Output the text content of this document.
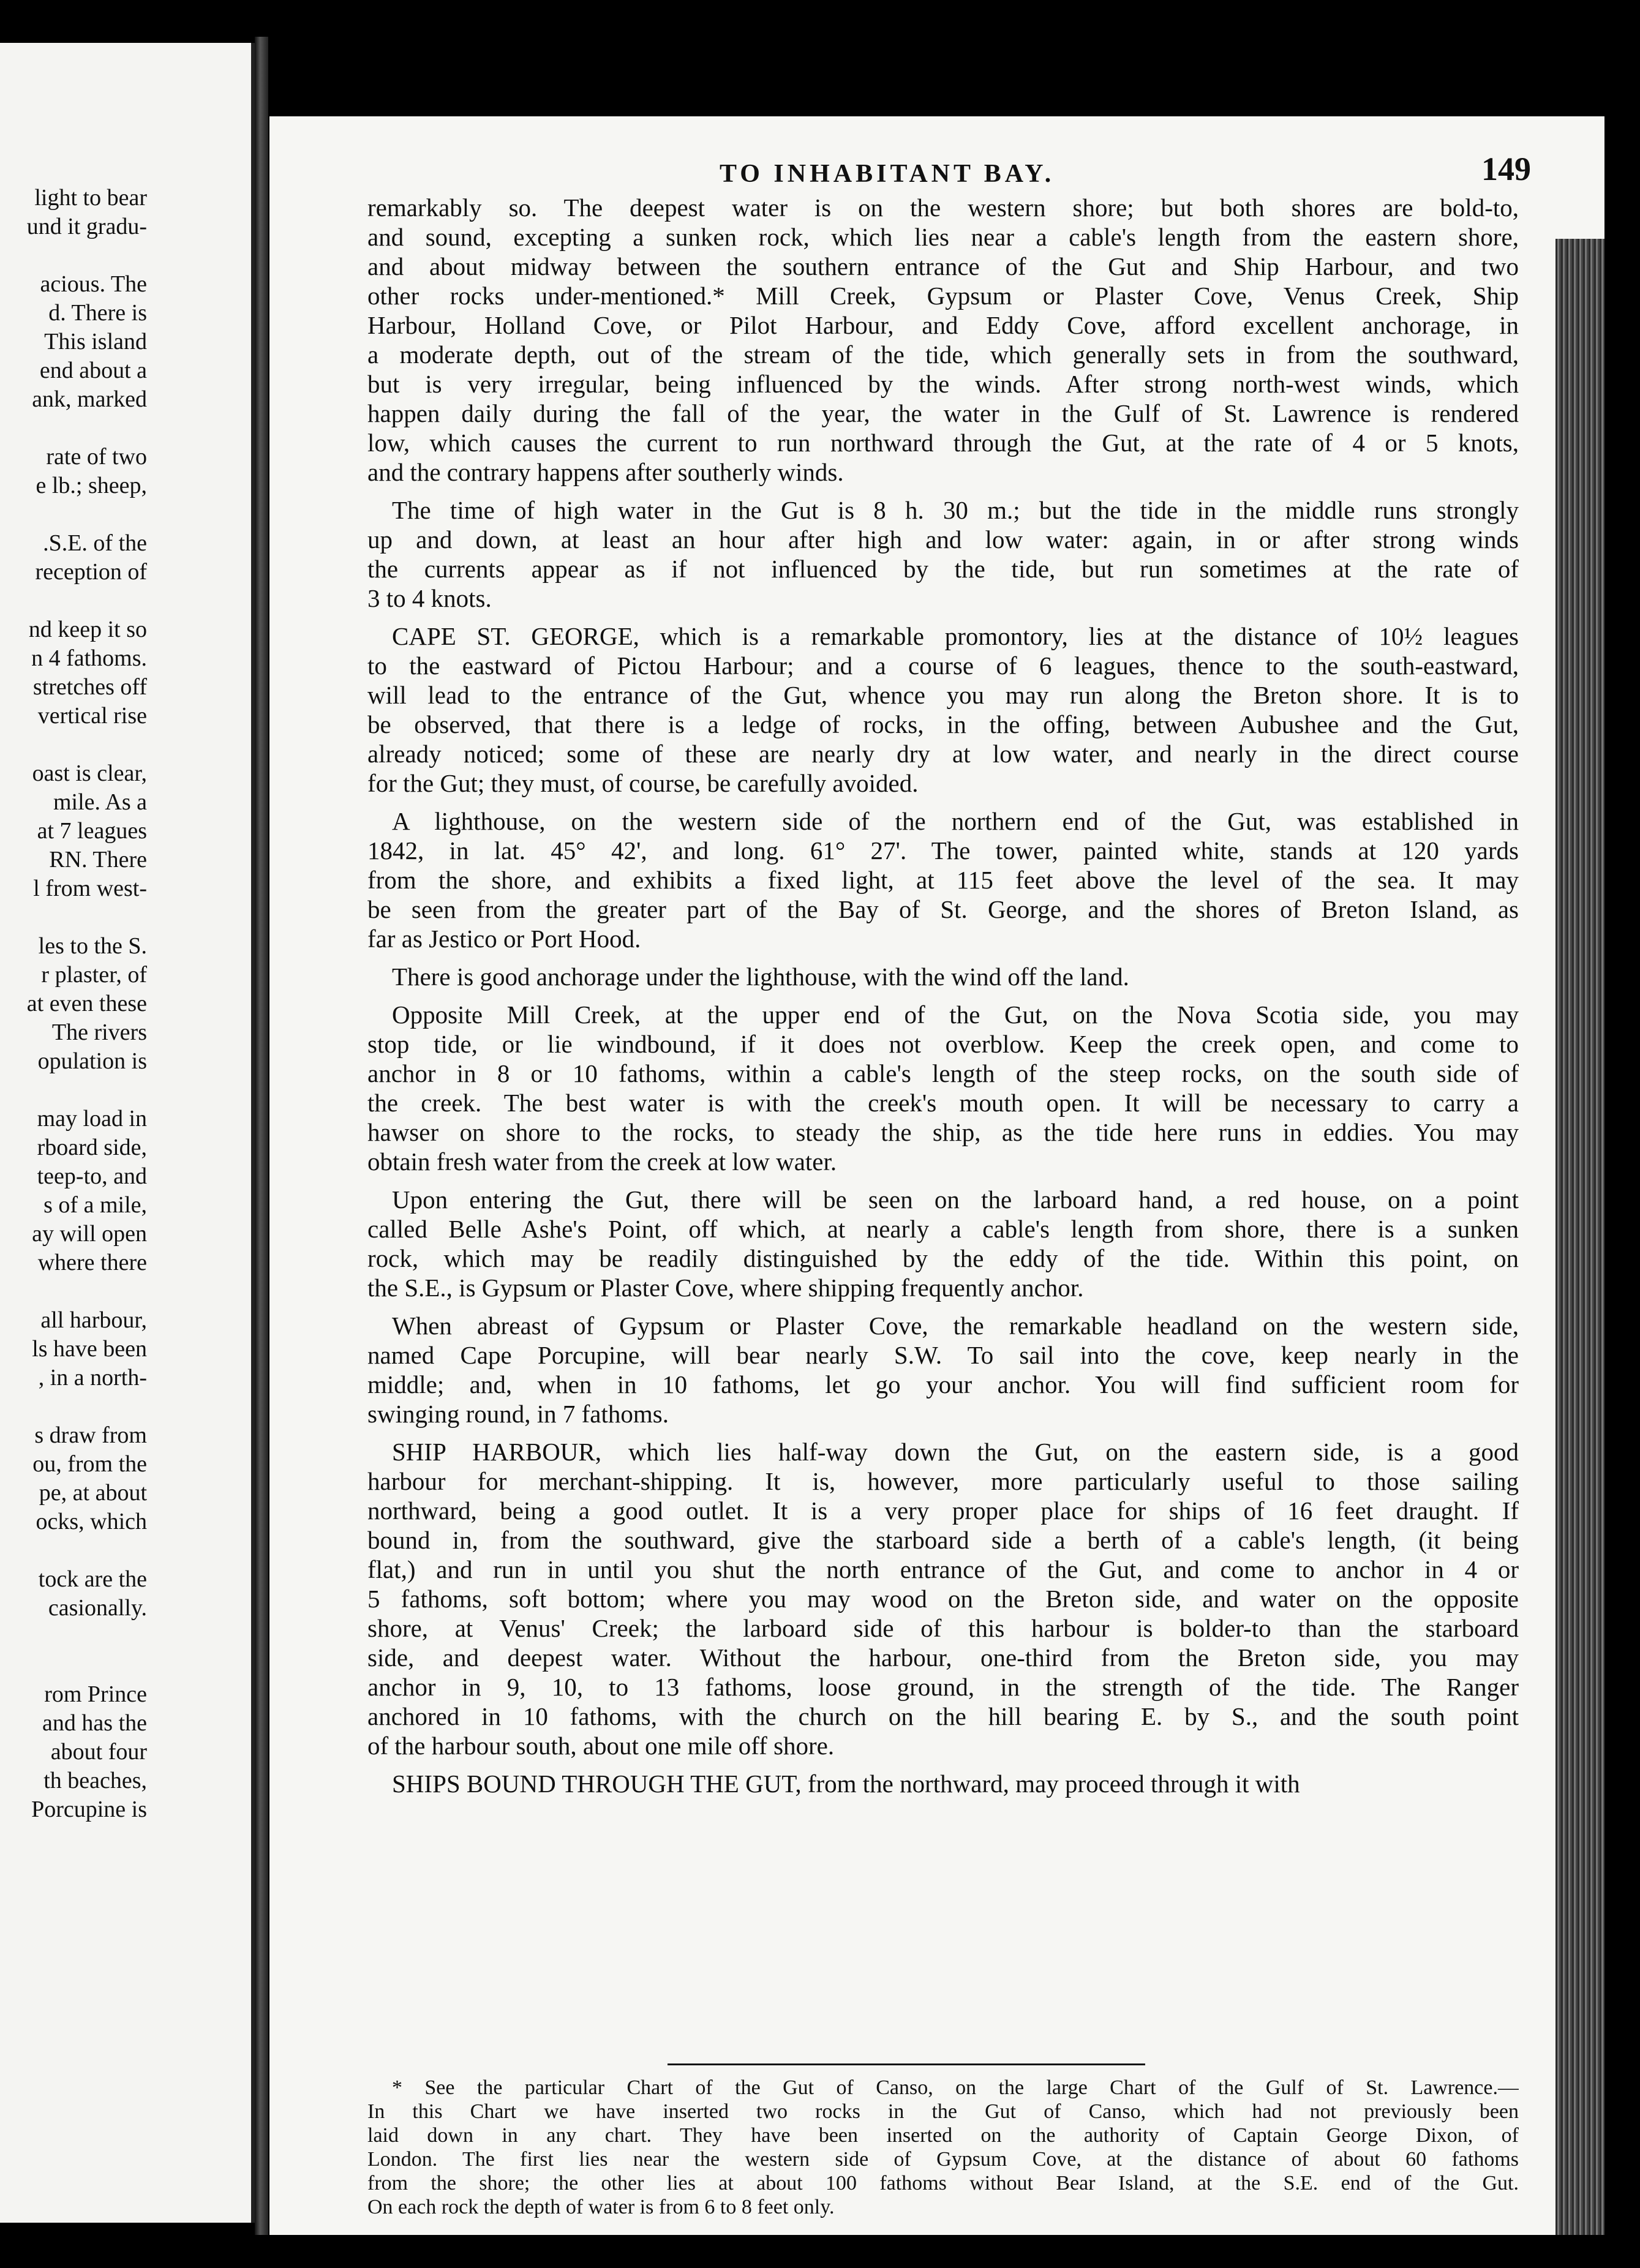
light to bear
und it gradu-
acious. The
d. There is
This island
end about a
ank, marked
rate of two
e lb.; sheep,
.S.E. of the
reception of
nd keep it so
n 4 fathoms.
stretches off
vertical rise
oast is clear,
mile. As a
at 7 leagues
RN. There
l from west-
les to the S.
r plaster, of
at even these
The rivers
opulation is
may load in
rboard side,
teep-to, and
s of a mile,
ay will open
where there
all harbour,
ls have been
, in a north-
s draw from
ou, from the
pe, at about
ocks, which
tock are the
casionally.
rom Prince
and has the
about four
th beaches,
Porcupine is
TO INHABITANT BAY.	149
remarkably so. The deepest water is on the western shore; but both shores are bold-to,
and sound, excepting a sunken rock, which lies near a cable's length from the eastern shore,
and about midway between the southern entrance of the Gut and Ship Harbour, and two
other rocks under-mentioned.* Mill Creek, Gypsum or Plaster Cove, Venus Creek, Ship
Harbour, Holland Cove, or Pilot Harbour, and Eddy Cove, afford excellent anchorage, in
a moderate depth, out of the stream of the tide, which generally sets in from the southward,
but is very irregular, being influenced by the winds. After strong north-west winds, which
happen daily during the fall of the year, the water in the Gulf of St. Lawrence is rendered
low, which causes the current to run northward through the Gut, at the rate of 4 or 5 knots,
and the contrary happens after southerly winds.
The time of high water in the Gut is 8 h. 30 m.; but the tide in the middle runs strongly
up and down, at least an hour after high and low water: again, in or after strong winds
the currents appear as if not influenced by the tide, but run sometimes at the rate of
3 to 4 knots.
CAPE ST. GEORGE, which is a remarkable promontory, lies at the distance of 10½ leagues
to the eastward of Pictou Harbour; and a course of 6 leagues, thence to the south-eastward,
will lead to the entrance of the Gut, whence you may run along the Breton shore. It is to
be observed, that there is a ledge of rocks, in the offing, between Aubushee and the Gut,
already noticed; some of these are nearly dry at low water, and nearly in the direct course
for the Gut; they must, of course, be carefully avoided.
A lighthouse, on the western side of the northern end of the Gut, was established in
1842, in lat. 45° 42', and long. 61° 27'. The tower, painted white, stands at 120 yards
from the shore, and exhibits a fixed light, at 115 feet above the level of the sea. It may
be seen from the greater part of the Bay of St. George, and the shores of Breton Island, as
far as Jestico or Port Hood.
There is good anchorage under the lighthouse, with the wind off the land.
Opposite Mill Creek, at the upper end of the Gut, on the Nova Scotia side, you may
stop tide, or lie windbound, if it does not overblow. Keep the creek open, and come to
anchor in 8 or 10 fathoms, within a cable's length of the steep rocks, on the south side of
the creek. The best water is with the creek's mouth open. It will be necessary to carry a
hawser on shore to the rocks, to steady the ship, as the tide here runs in eddies. You may
obtain fresh water from the creek at low water.
Upon entering the Gut, there will be seen on the larboard hand, a red house, on a point
called Belle Ashe's Point, off which, at nearly a cable's length from shore, there is a sunken
rock, which may be readily distinguished by the eddy of the tide. Within this point, on
the S.E., is Gypsum or Plaster Cove, where shipping frequently anchor.
When abreast of Gypsum or Plaster Cove, the remarkable headland on the western side,
named Cape Porcupine, will bear nearly S.W. To sail into the cove, keep nearly in the
middle; and, when in 10 fathoms, let go your anchor. You will find sufficient room for
swinging round, in 7 fathoms.
SHIP HARBOUR, which lies half-way down the Gut, on the eastern side, is a good
harbour for merchant-shipping. It is, however, more particularly useful to those sailing
northward, being a good outlet. It is a very proper place for ships of 16 feet draught. If
bound in, from the southward, give the starboard side a berth of a cable's length, (it being
flat,) and run in until you shut the north entrance of the Gut, and come to anchor in 4 or
5 fathoms, soft bottom; where you may wood on the Breton side, and water on the opposite
shore, at Venus' Creek; the larboard side of this harbour is bolder-to than the starboard
side, and deepest water. Without the harbour, one-third from the Breton side, you may
anchor in 9, 10, to 13 fathoms, loose ground, in the strength of the tide. The Ranger
anchored in 10 fathoms, with the church on the hill bearing E. by S., and the south point
of the harbour south, about one mile off shore.
SHIPS BOUND THROUGH THE GUT, from the northward, may proceed through it with
* See the particular Chart of the Gut of Canso, on the large Chart of the Gulf of St. Lawrence.—
In this Chart we have inserted two rocks in the Gut of Canso, which had not previously been
laid down in any chart. They have been inserted on the authority of Captain George Dixon, of
London. The first lies near the western side of Gypsum Cove, at the distance of about 60 fathoms
from the shore; the other lies at about 100 fathoms without Bear Island, at the S.E. end of the Gut.
On each rock the depth of water is from 6 to 8 feet only.
